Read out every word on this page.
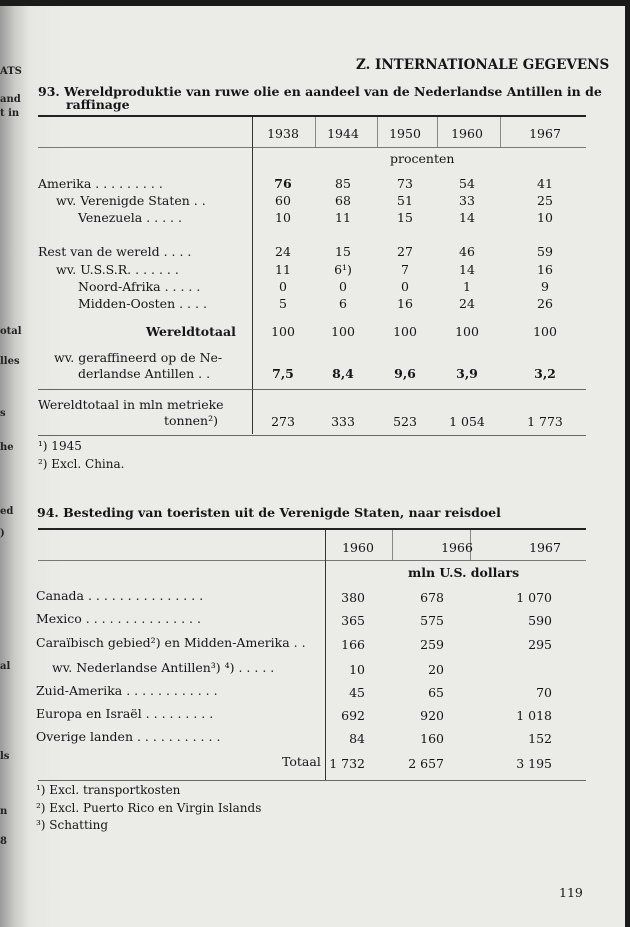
ATS
and
t in
otal
lles
s
he
ed
)
al
ls
n
8
Z. INTERNATIONALE GEGEVENS
93. Wereldproduktie van ruwe olie en aandeel van de Nederlandse Antillen in de
raffinage
1938	1944	1950	1960	1967
Amerika . . . . . . . . .	76	85	73	54	41
wv. Verenigde Staten . .	60	68	51	33	25
Venezuela . . . . .	10	11	15	14	10
Rest van de wereld . . . .	24	15	27	46	59
wv. U.S.S.R. . . . . . .	11	6¹)	7	14	16
Noord-Afrika . . . . .	0	0	0	1	9
Midden-Oosten . . . .	5	6	16	24	26
Wereldtotaal	100	100	100	100	100
wv. geraffineerd op de Ne-
derlandse Antillen . .	7,5	8,4	9,6	3,9	3,2
Wereldtotaal in mln metrieke
tonnen²)	273	333	523	1 054	1 773
procenten
¹) 1945
²) Excl. China.
94. Besteding van toeristen uit de Verenigde Staten, naar reisdoel
mln U.S. dollars
1960	1966	1967
Canada . . . . . . . . . . . . . . .	380	678	1 070
Mexico . . . . . . . . . . . . . . .	365	575	590
Caraïbisch gebied²) en Midden-Amerika . .	166	259	295
wv. Nederlandse Antillen³) ⁴) . . . . .	10	20
Zuid-Amerika . . . . . . . . . . . .	45	65	70
Europa en Israël . . . . . . . . .	692	920	1 018
Overige landen . . . . . . . . . . .	84	160	152
Totaal 1 732	2 657	3 195
¹) Excl. transportkosten
²) Excl. Puerto Rico en Virgin Islands
³) Schatting
119
